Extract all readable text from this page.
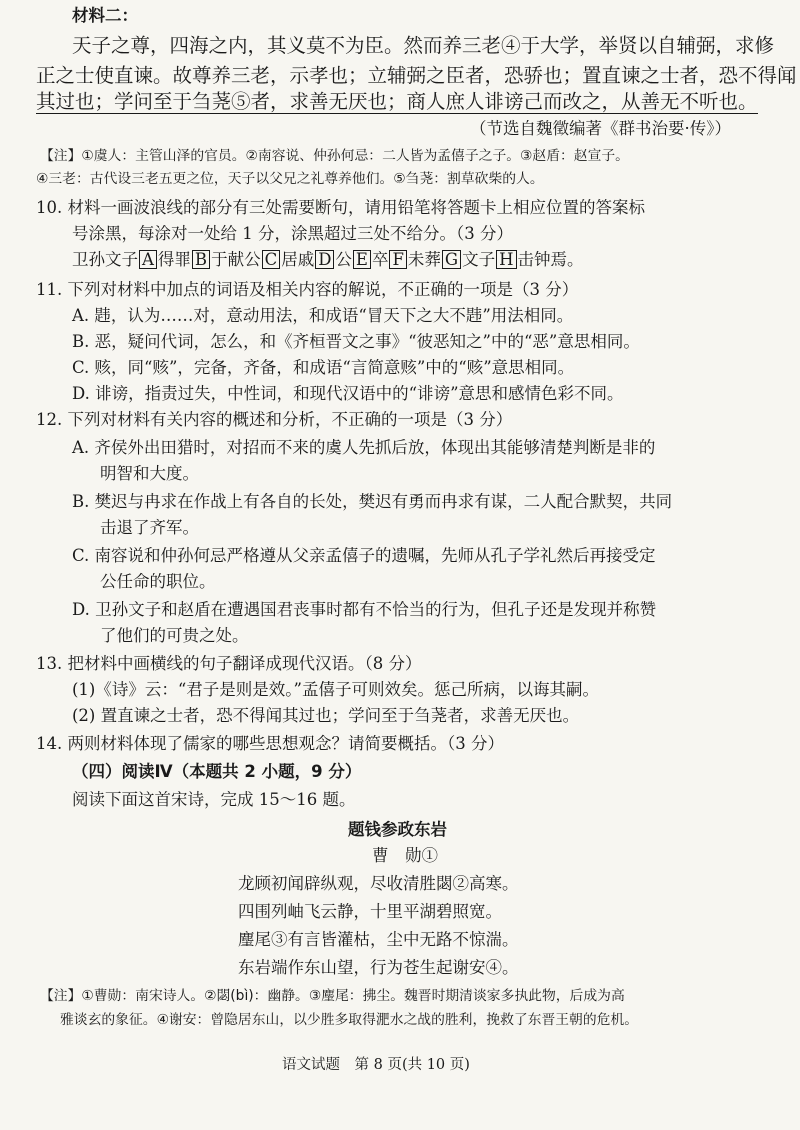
材料二：
天子之尊，四海之内，其义莫不为臣。然而养三老④于大学，举贤以自辅弼，求修
正之士使直谏。故尊养三老，示孝也；立辅弼之臣者，恐骄也；置直谏之士者，恐不得闻
其过也；学问至于刍荛⑤者，求善无厌也；商人庶人诽谤己而改之，从善无不听也。
（节选自魏徵编著《群书治要·传》）
【注】①虞人：主管山泽的官员。②南容说、仲孙何忌：二人皆为孟僖子之子。③赵盾：赵宣子。
④三老：古代设三老五更之位，天子以父兄之礼尊养他们。⑤刍荛：割草砍柴的人。
10. 材料一画波浪线的部分有三处需要断句，请用铅笔将答题卡上相应位置的答案标
号涂黑，每涂对一处给 1 分，涂黑超过三处不给分。（3 分）
卫孙文子 A 得罪 B 于献公 C 居戚 D 公 E 卒 F 未葬 G 文子 H 击钟焉。
11. 下列对材料中加点的词语及相关内容的解说，不正确的一项是（3 分）
A. 韪，认为……对，意动用法，和成语“冒天下之大不韪”用法相同。
B. 恶，疑问代词，怎么，和《齐桓晋文之事》“彼恶知之”中的“恶”意思相同。
C. 赅，同“赅”，完备，齐备，和成语“言简意赅”中的“赅”意思相同。
D. 诽谤，指责过失，中性词，和现代汉语中的“诽谤”意思和感情色彩不同。
12. 下列对材料有关内容的概述和分析，不正确的一项是（3 分）
A. 齐侯外出田猎时，对招而不来的虞人先抓后放，体现出其能够清楚判断是非的
明智和大度。
B. 樊迟与冉求在作战上有各自的长处，樊迟有勇而冉求有谋，二人配合默契，共同
击退了齐军。
C. 南容说和仲孙何忌严格遵从父亲孟僖子的遗嘱，先师从孔子学礼然后再接受定
公任命的职位。
D. 卫孙文子和赵盾在遭遇国君丧事时都有不恰当的行为，但孔子还是发现并称赞
了他们的可贵之处。
13. 把材料中画横线的句子翻译成现代汉语。（8 分）
(1)《诗》云：“君子是则是效。”孟僖子可则效矣。惩己所病，以诲其嗣。
(2) 置直谏之士者，恐不得闻其过也；学问至于刍荛者，求善无厌也。
14. 两则材料体现了儒家的哪些思想观念？请简要概括。（3 分）
（四）阅读Ⅳ（本题共 2 小题，9 分）
阅读下面这首宋诗，完成 15～16 题。
题钱参政东岩
曹　勋①
龙顾初闻辟纵观，尽收清胜閟②高寒。
四围列岫飞云静，十里平湖碧照宽。
麈尾③有言皆灌枯，尘中无路不惊湍。
东岩端作东山望，行为苍生起谢安④。
【注】①曹勋：南宋诗人。②閟(bì)：幽静。③麈尾：拂尘。魏晋时期清谈家多执此物，后成为高
雅谈玄的象征。④谢安：曾隐居东山，以少胜多取得淝水之战的胜利，挽救了东晋王朝的危机。
语文试题　第 8 页(共 10 页)
